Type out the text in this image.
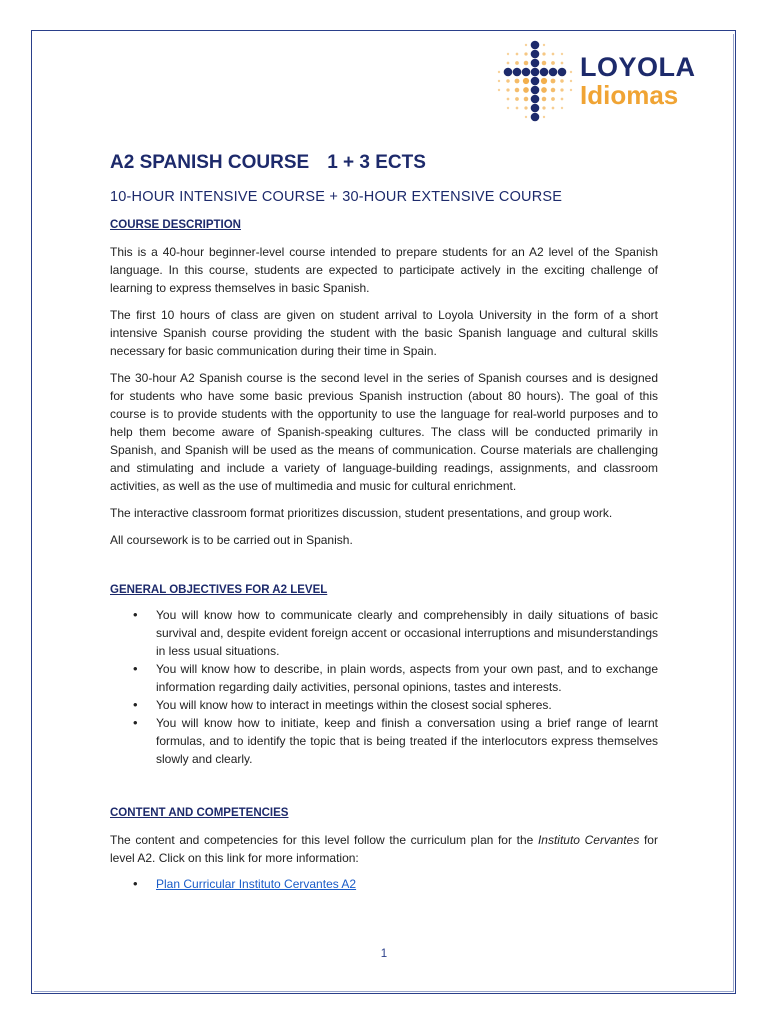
LOYOLA
Idiomas
A2 SPANISH COURSE 1 + 3 ECTS
10-HOUR INTENSIVE COURSE + 30-HOUR EXTENSIVE COURSE
COURSE DESCRIPTION

This is a 40-hour beginner-level course intended to prepare students for an A2 level of the Spanish language. In this course, students are expected to participate actively in the exciting challenge of learning to express themselves in basic Spanish.

The first 10 hours of class are given on student arrival to Loyola University in the form of a short intensive Spanish course providing the student with the basic Spanish language and cultural skills necessary for basic communication during their time in Spain.

The 30-hour A2 Spanish course is the second level in the series of Spanish courses and is designed for students who have some basic previous Spanish instruction (about 80 hours). The goal of this course is to provide students with the opportunity to use the language for real-world purposes and to help them become aware of Spanish-speaking cultures. The class will be conducted primarily in Spanish, and Spanish will be used as the means of communication. Course materials are challenging and stimulating and include a variety of language-building readings, assignments, and classroom activities, as well as the use of multimedia and music for cultural enrichment.

The interactive classroom format prioritizes discussion, student presentations, and group work.

All coursework is to be carried out in Spanish.

GENERAL OBJECTIVES FOR A2 LEVEL
• You will know how to communicate clearly and comprehensibly in daily situations of basic survival and, despite evident foreign accent or occasional interruptions and misunderstandings in less usual situations.
• You will know how to describe, in plain words, aspects from your own past, and to exchange information regarding daily activities, personal opinions, tastes and interests.
• You will know how to interact in meetings within the closest social spheres.
• You will know how to initiate, keep and finish a conversation using a brief range of learnt formulas, and to identify the topic that is being treated if the interlocutors express themselves slowly and clearly.
CONTENT AND COMPETENCIES

The content and competencies for this level follow the curriculum plan for the Instituto Cervantes for level A2. Click on this link for more information:

• Plan Curricular Instituto Cervantes A2
1
